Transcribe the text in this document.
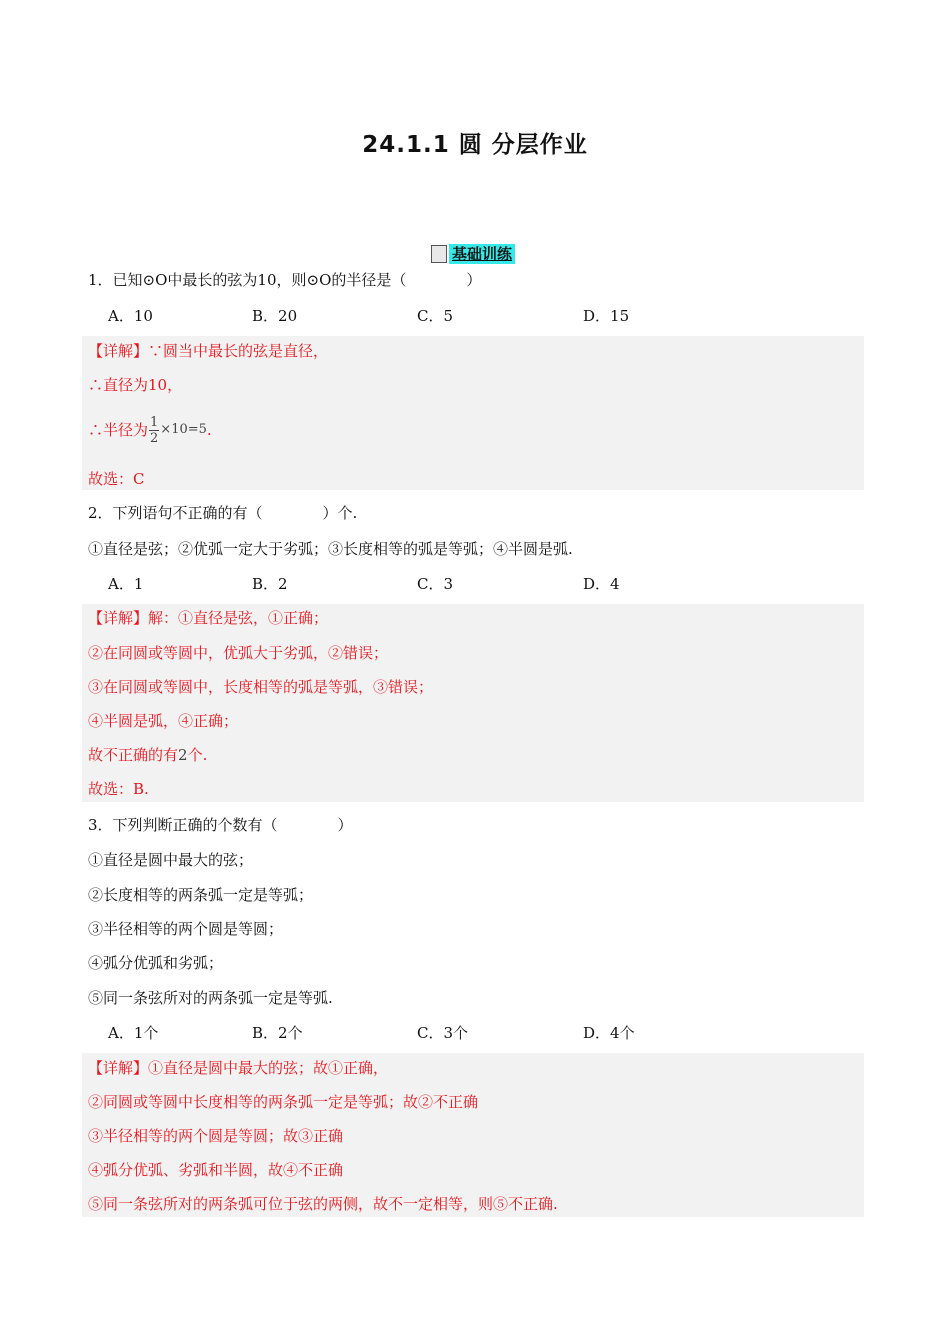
24.1.1 圆 分层作业
基础训练
1．已知⊙O中最长的弦为10，则⊙O的半径是（　　　　）
A．10	B．20	C．5	D．15
【详解】∵圆当中最长的弦是直径，
∴直径为10，
∴半径为 $\frac{1}{2} \times 10=5$ .
故选：C
2．下列语句不正确的有（　　　　）个.
①直径是弦；②优弧一定大于劣弧；③长度相等的弧是等弧；④半圆是弧.
A．1	B．2	C．3	D．4
【详解】解：①直径是弦，①正确；
②在同圆或等圆中，优弧大于劣弧，②错误；
③在同圆或等圆中，长度相等的弧是等弧，③错误；
④半圆是弧，④正确；
故不正确的有2个.
故选：B.
3．下列判断正确的个数有（　　　　）
①直径是圆中最大的弦；
②长度相等的两条弧一定是等弧；
③半径相等的两个圆是等圆；
④弧分优弧和劣弧；
⑤同一条弦所对的两条弧一定是等弧.
A．1个	B．2个	C．3个	D．4个
【详解】①直径是圆中最大的弦；故①正确，
②同圆或等圆中长度相等的两条弧一定是等弧；故②不正确
③半径相等的两个圆是等圆；故③正确
④弧分优弧、劣弧和半圆，故④不正确
⑤同一条弦所对的两条弧可位于弦的两侧，故不一定相等，则⑤不正确.
